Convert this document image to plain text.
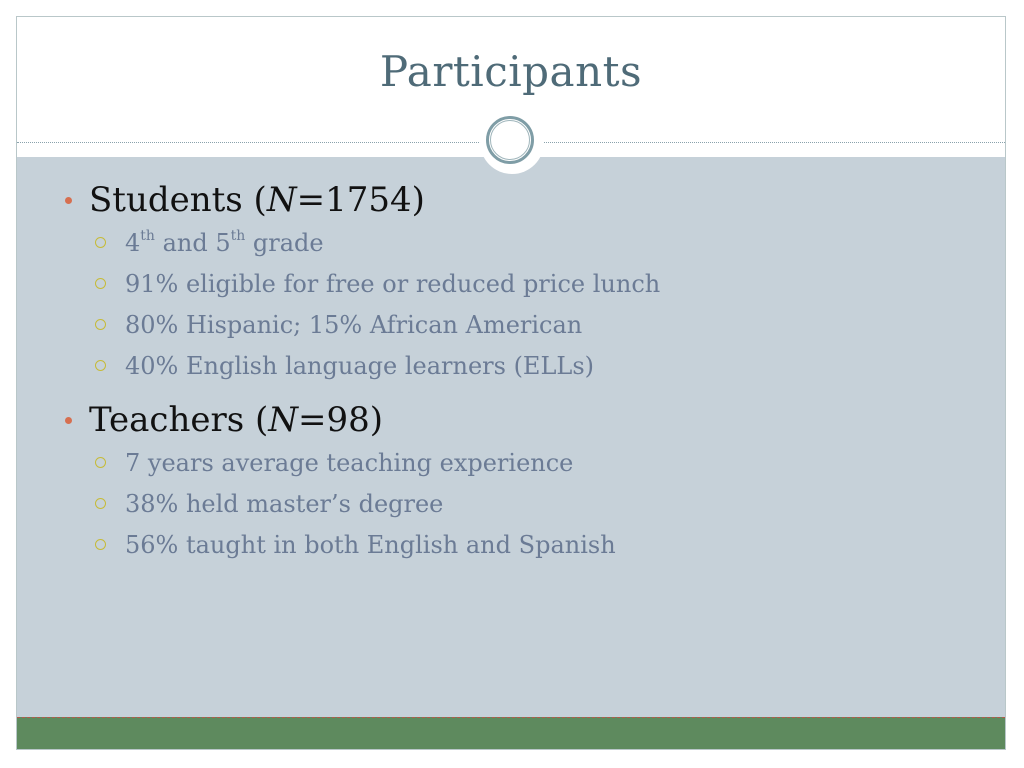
Participants
Students (N=1754)
4th and 5th grade
91% eligible for free or reduced price lunch
80% Hispanic; 15% African American
40% English language learners (ELLs)
Teachers (N=98)
7 years average teaching experience
38% held master’s degree
56% taught in both English and Spanish
